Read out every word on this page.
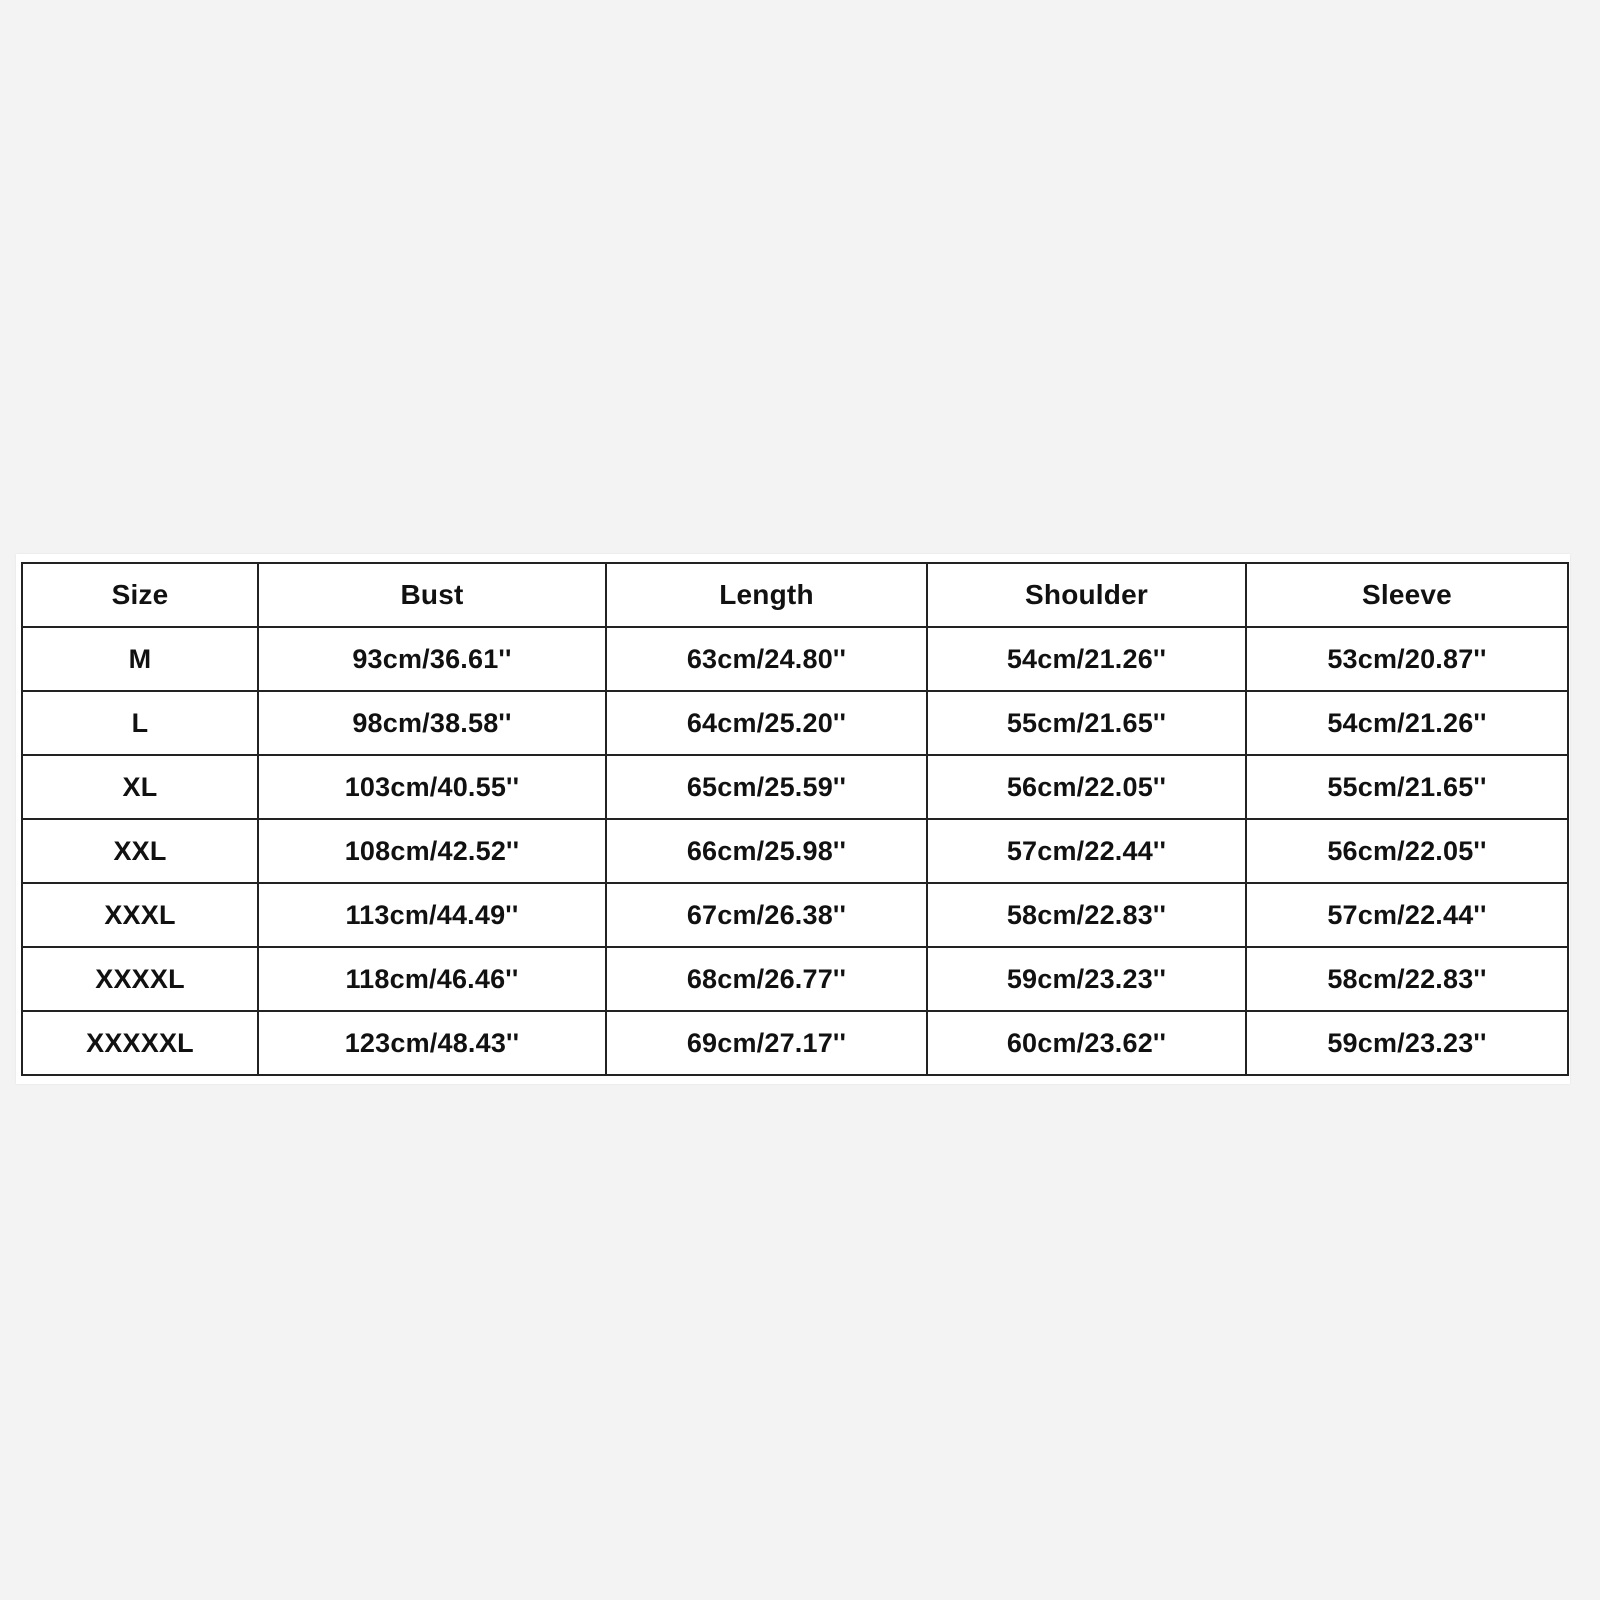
Size	Bust	Length	Shoulder	Sleeve
M	93cm/36.61''	63cm/24.80''	54cm/21.26''	53cm/20.87''
L	98cm/38.58''	64cm/25.20''	55cm/21.65''	54cm/21.26''
XL	103cm/40.55''	65cm/25.59''	56cm/22.05''	55cm/21.65''
XXL	108cm/42.52''	66cm/25.98''	57cm/22.44''	56cm/22.05''
XXXL	113cm/44.49''	67cm/26.38''	58cm/22.83''	57cm/22.44''
XXXXL	118cm/46.46''	68cm/26.77''	59cm/23.23''	58cm/22.83''
XXXXXL	123cm/48.43''	69cm/27.17''	60cm/23.62''	59cm/23.23''
